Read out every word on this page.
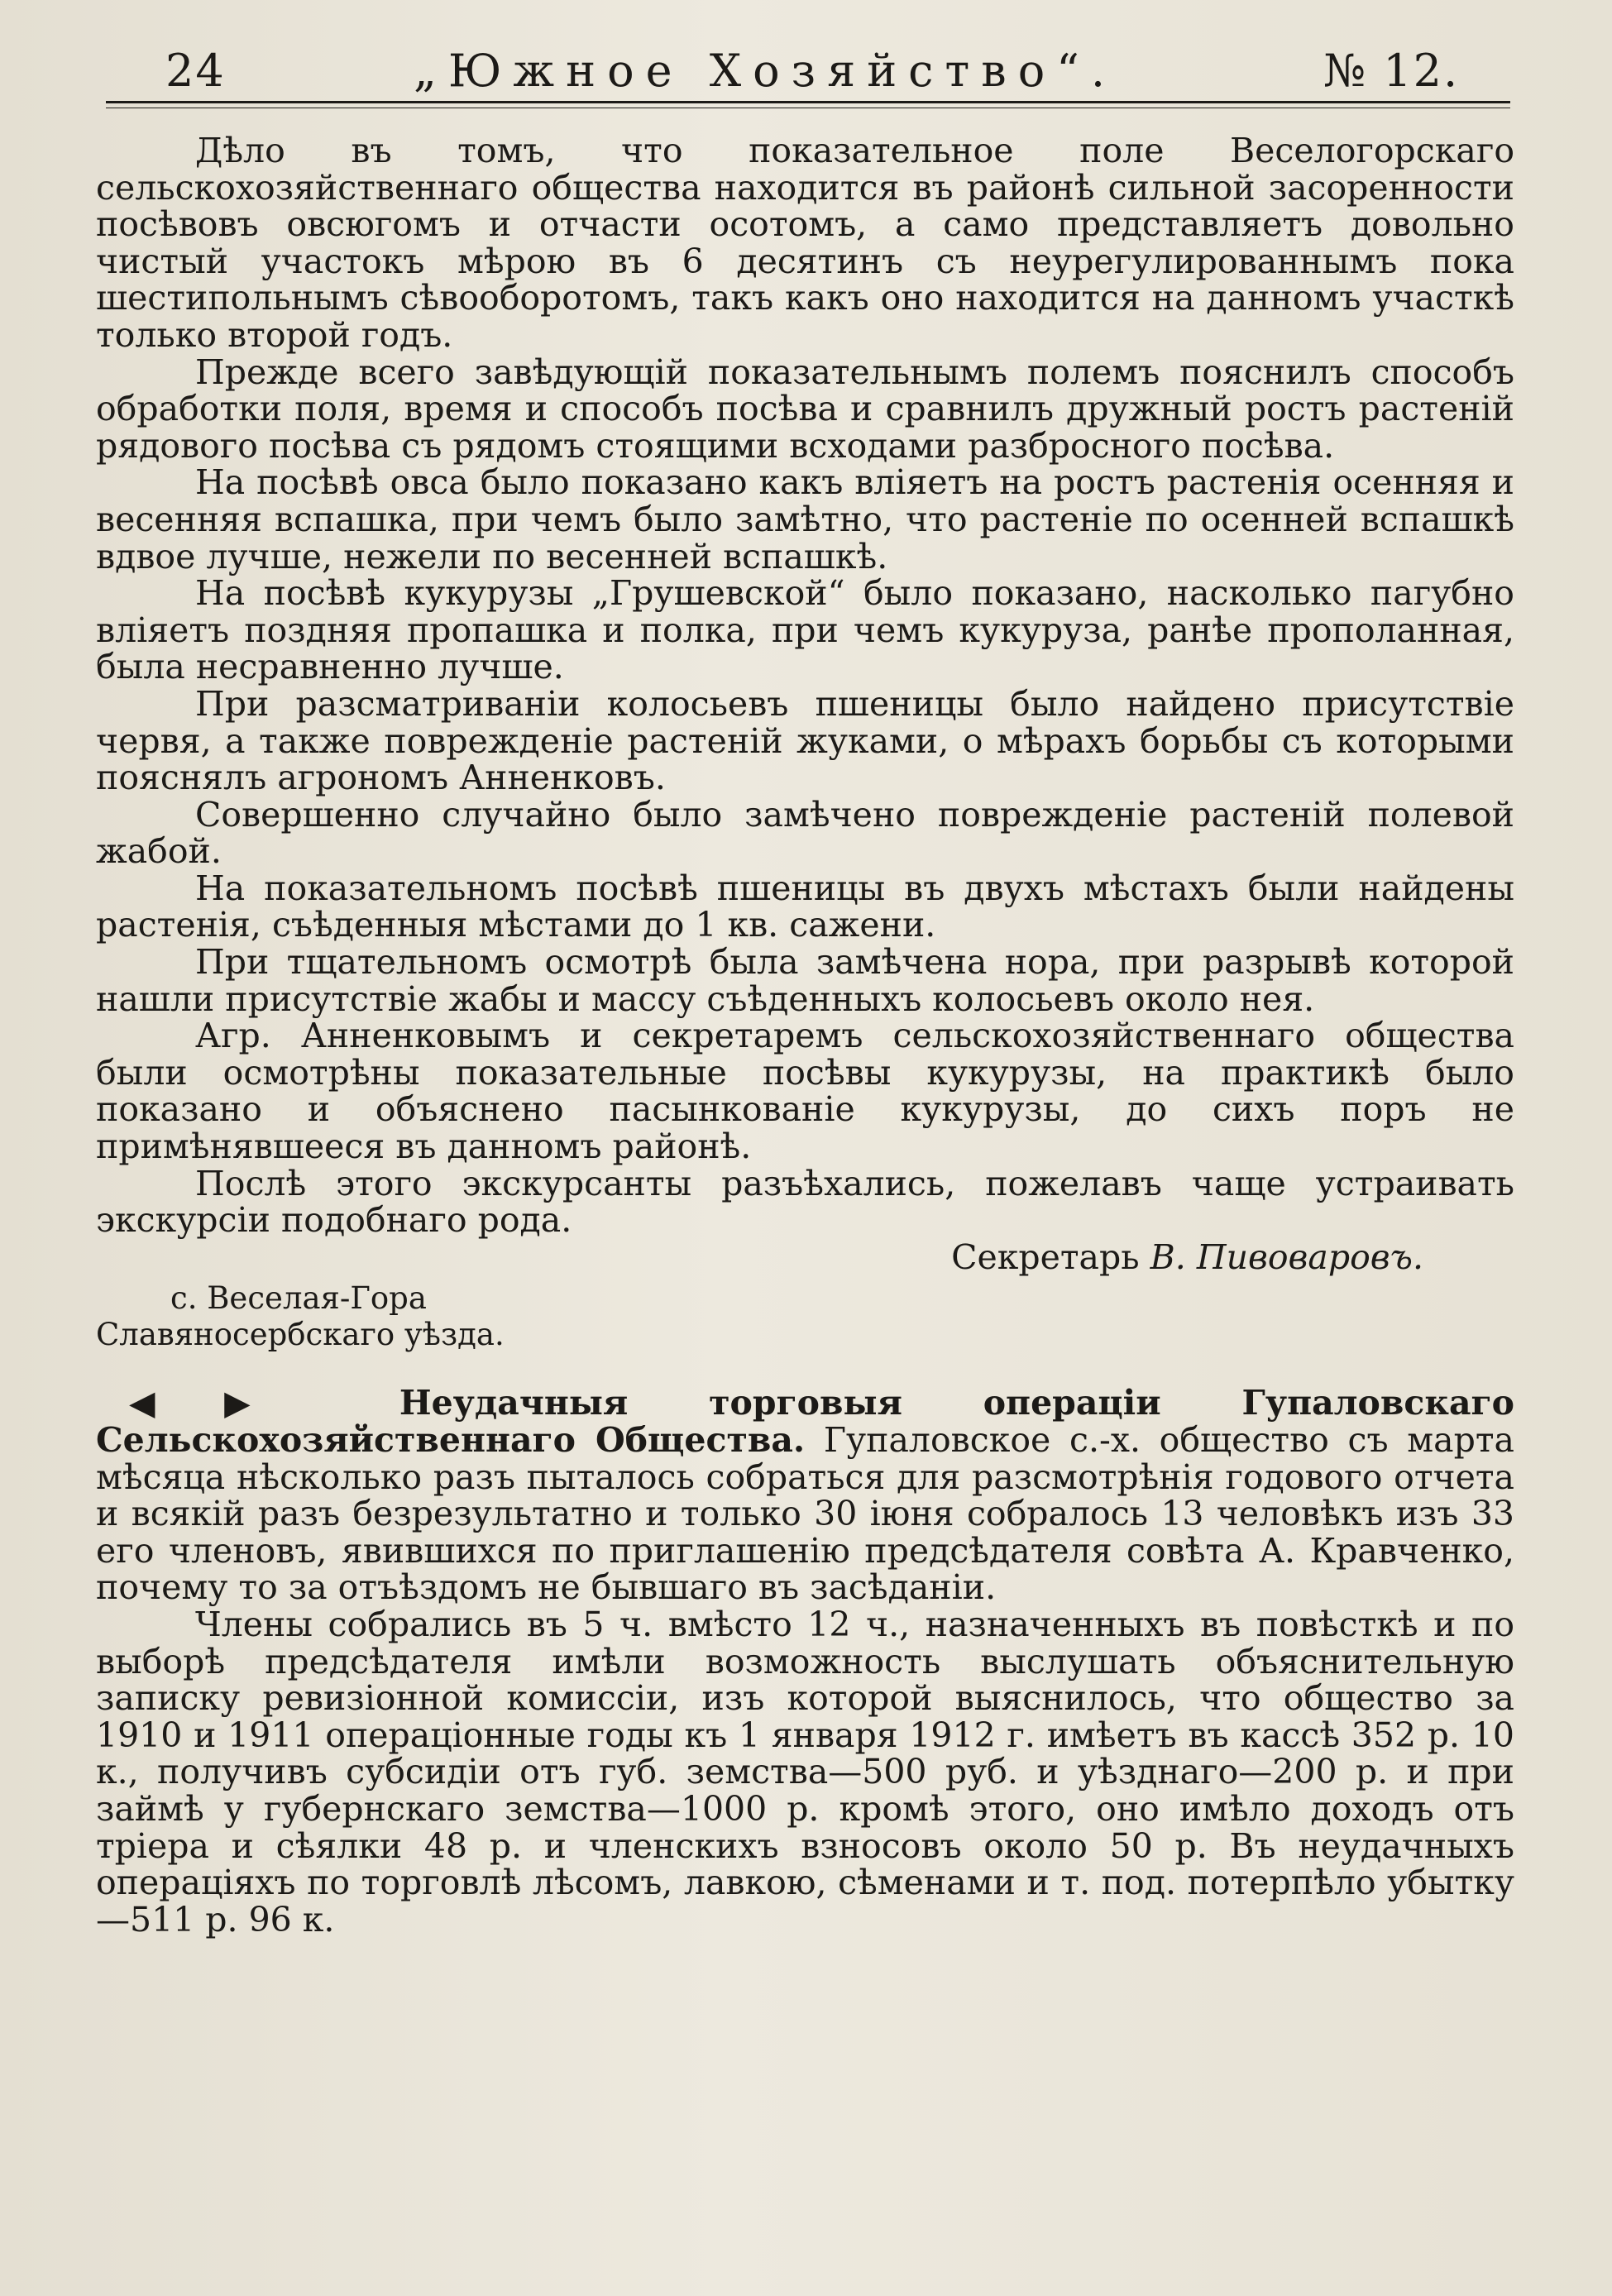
24	„Южное Хозяйство“.	№ 12.

Дѣло въ томъ, что показательное поле Веселогорскаго сельскохозяйственнаго общества находится въ районѣ сильной засоренности посѣвовъ овсюгомъ и отчасти осотомъ, а само представляетъ довольно чистый участокъ мѣрою въ 6 десятинъ съ неурегулированнымъ пока шестипольнымъ сѣвооборотомъ, такъ какъ оно находится на данномъ участкѣ только второй годъ.

Прежде всего завѣдующій показательнымъ полемъ пояснилъ способъ обработки поля, время и способъ посѣва и сравнилъ дружный ростъ растеній рядового посѣва съ рядомъ стоящими всходами разбросного посѣва.

На посѣвѣ овса было показано какъ вліяетъ на ростъ растенія осенняя и весенняя вспашка, при чемъ было замѣтно, что растеніе по осенней вспашкѣ вдвое лучше, нежели по весенней вспашкѣ.

На посѣвѣ кукурузы „Грушевской“ было показано, насколько пагубно вліяетъ поздняя пропашка и полка, при чемъ кукуруза, ранѣе прополанная, была несравненно лучше.

При разсматриваніи колосьевъ пшеницы было найдено присутствіе червя, а также поврежденіе растеній жуками, о мѣрахъ борьбы съ которыми пояснялъ агрономъ Анненковъ.

Совершенно случайно было замѣчено поврежденіе растеній полевой жабой.

На показательномъ посѣвѣ пшеницы въ двухъ мѣстахъ были найдены растенія, съѣденныя мѣстами до 1 кв. сажени.

При тщательномъ осмотрѣ была замѣчена нора, при разрывѣ которой нашли присутствіе жабы и массу съѣденныхъ колосьевъ около нея.

Агр. Анненковымъ и секретаремъ сельскохозяйственнаго общества были осмотрѣны показательные посѣвы кукурузы, на практикѣ было показано и объяснено пасынкованіе кукурузы, до сихъ поръ не примѣнявшееся въ данномъ районѣ.

Послѣ этого экскурсанты разъѣхались, пожелавъ чаще устраивать экскурсіи подобнаго рода.

Секретарь В. Пивоваровъ.
с. Веселая-Гора
Славяносербскаго уѣзда.

◀▶ Неудачныя торговыя операціи Гупаловскаго Сельскохозяйственнаго Общества. Гупаловское с.-х. общество съ марта мѣсяца нѣсколько разъ пыталось собраться для разсмотрѣнія годового отчета и всякій разъ безрезультатно и только 30 іюня собралось 13 человѣкъ изъ 33 его членовъ, явившихся по приглашенію предсѣдателя совѣта А. Кравченко, почему то за отъѣздомъ не бывшаго въ засѣданіи.

Члены собрались въ 5 ч. вмѣсто 12 ч., назначенныхъ въ повѣсткѣ и по выборѣ предсѣдателя имѣли возможность выслушать объяснительную записку ревизіонной комиссіи, изъ которой выяснилось, что общество за 1910 и 1911 операціонные годы къ 1 января 1912 г. имѣетъ въ кассѣ 352 р. 10 к., получивъ субсидіи отъ губ. земства—500 руб. и уѣзднаго—200 р. и при займѣ у губернскаго земства—1000 р. кромѣ этого, оно имѣло доходъ отъ тріера и сѣялки 48 р. и членскихъ взносовъ около 50 р. Въ неудачныхъ операціяхъ по торговлѣ лѣсомъ, лавкою, сѣменами и т. под. потерпѣло убытку—511 р. 96 к.
